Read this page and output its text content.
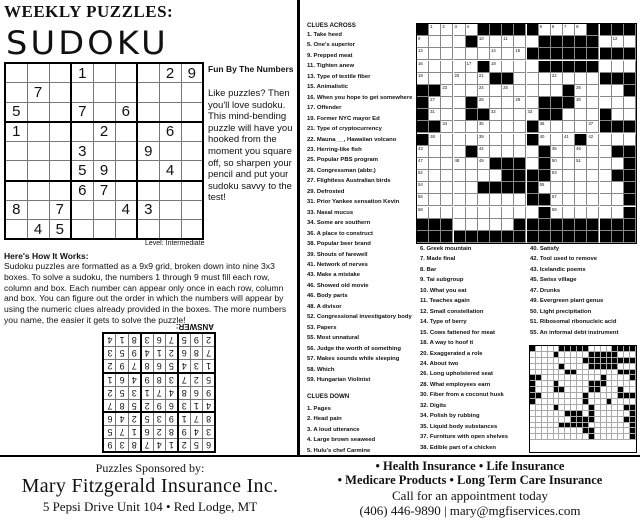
WEEKLY PUZZLES:
SUDOKU
			1				2	9
	7							
5			7		6			
1				2			6	
			3			9		
			5	9			4	
			6	7				
8		7			4	3		
	4	5						
Level: Intermediate
Fun By The Numbers
Like puzzles? Then you'll love sudoku. This mind-bending puzzle will have you hooked from the moment you square off, so sharpen your pencil and put your sudoku savvy to the test!
Here's How It Works:
Sudoku puzzles are formatted as a 9x9 grid, broken down into nine 3x3 boxes. To solve a sudoku, the numbers 1 through 9 must fill each row, column and box. Each number can appear only once in each row, column and box. You can figure out the order in which the numbers will appear by using the numeric clues already provided in the boxes. The more numbers you name, the easier it gets to solve the puzzle!
6	5	2	1	4	7	8	3	9
3	4	9	8	2	6	1	7	5
8	7	1	9	3	5	2	4	6
4	1	3	6	9	2	5	8	7
9	6	8	4	7	1	3	5	2
5	2	7	3	8	9	4	6	1
1	3	4	5	6	8	7	9	2
7	8	6	2	1	4	9	5	3
2	9	5	7	6	3	8	1	4
ANSWER:
CLUES ACROSS
1. Take heed
5. One's superior
9. Prepped meat
11. Tighten anew
13. Type of textile fiber
15. Animalistic
16. When you hope to get somewhere
17. Offender
19. Former NYC mayor Ed
21. Type of cryptocurrency
22. Mauna __, Hawaiian volcano
23. Herring-like fish
25. Popular PBS program
26. Congressman (abbr.)
27. Flightless Australian birds
29. Defrosted
31. Prior Yankee sensation Kevin
33. Nasal mucus
34. Some are southern
36. A place to construct
38. Popular beer brand
39. Shouts of farewell
41. Network of nerves
43. Make a mistake
46. Showed old movie
46. Body parts
48. A divisor
52. Congressional investigatory body
53. Papers
55. Most unnatural
56. Judge the worth of something
57. Makes sounds while sleeping
58. Which
59. Hungarian Violinist
CLUES DOWN
1. Pages
2. Head pain
3. A loud utterance
4. Large brown seaweed
5. Hulu's chef Carmine
6. Greek mountain
7. Made final
8. Bar
9. Tai subgroup
10. What you eat
11. Teaches again
12. Small constellation
14. Type of berry
15. Cows fattened for meat
18. A way to hoof it
20. Exaggerated a role
24. About two
26. Long upholstered seat
28. What employees earn
30. Fiber from a coconut husk
32. Digits
34. Polish by rubbing
35. Liquid body substances
37. Furniture with open shelves
38. Edible part of a chicken
40. Satisfy
42. Tool used to remove
43. Icelandic poems
45. Swiss village
47. Drunks
49. Evergreen plant genus
50. Light precipitation
51. Ribosomal ribonucleic acid
55. An informal debt instrument
1 2 3 4	5 6 7 8
9	10	11	12
13	14	15
16	17	18
19	20	21	22
23	24	25	26
27	28	29	30
31	32	33
34	35	36	37
38	39	40	41	42
43	44	45	46
47	48	49	50	51
52	53
54	55
56	57
58	59
Puzzles Sponsored by:
Mary Fitzgerald Insurance Inc.
5 Pepsi Drive Unit 104 • Red Lodge, MT
• Health Insurance • Life Insurance
• Medicare Products • Long Term Care Insurance
Call for an appointment today
(406) 446-9890 | mary@mgfiservices.com
